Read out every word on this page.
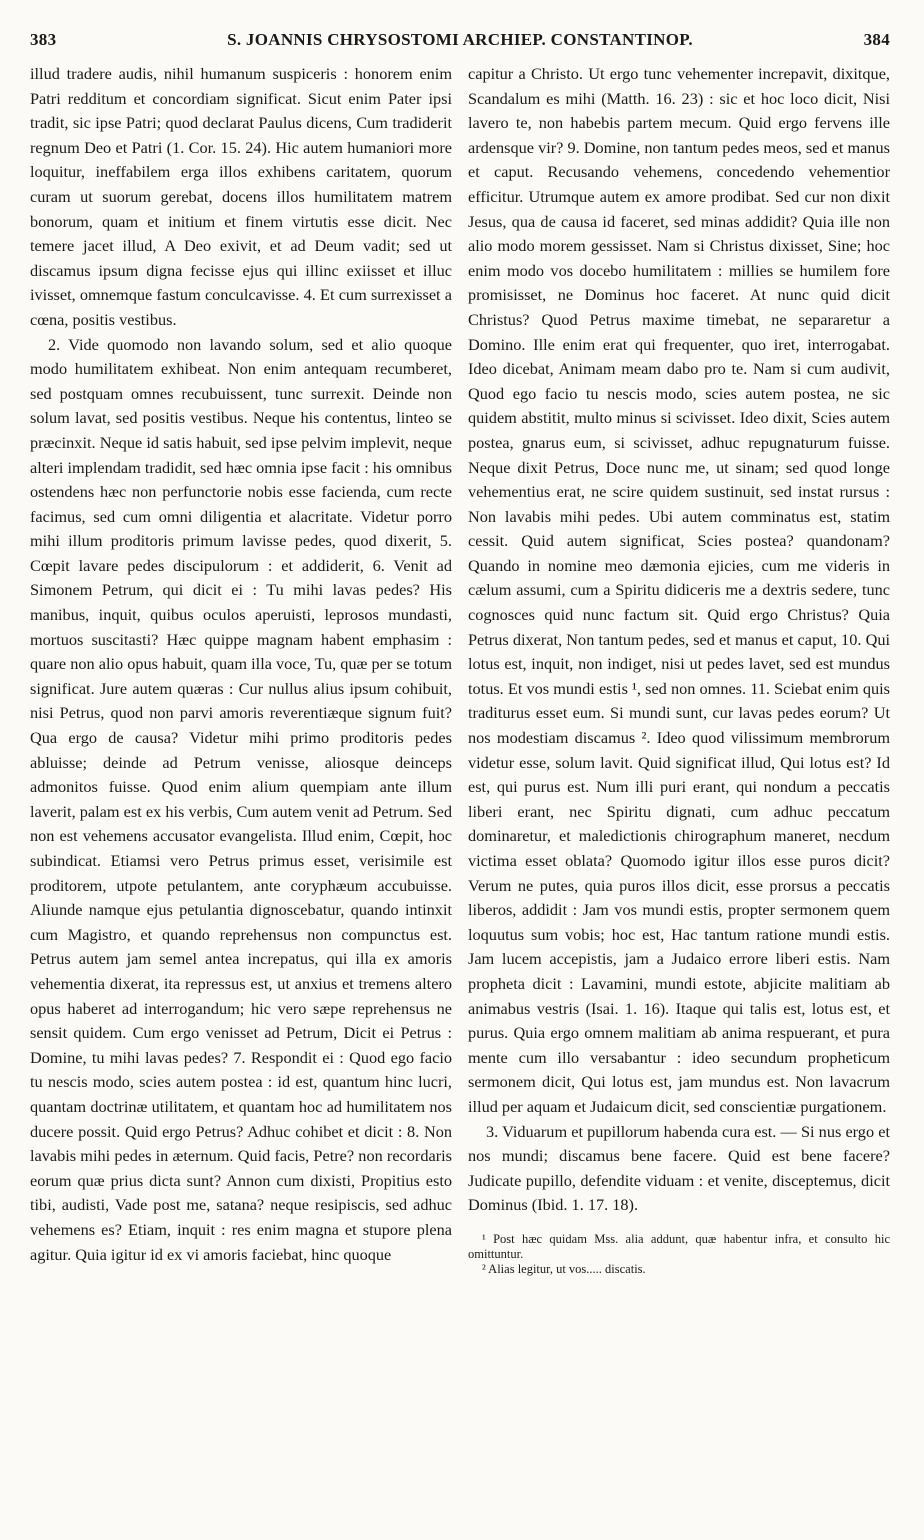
383	S. JOANNIS CHRYSOSTOMI ARCHIEP. CONSTANTINOP.	384

illud tradere audis, nihil humanum suspiceris : honorem enim Patri redditum et concordiam significat. Sicut enim Pater ipsi tradit, sic ipse Patri; quod declarat Paulus dicens, Cum tradiderit regnum Deo et Patri (1. Cor. 15. 24). Hic autem humaniori more loquitur, ineffabilem erga illos exhibens caritatem, quorum curam ut suorum gerebat, docens illos humilitatem matrem bonorum, quam et initium et finem virtutis esse dicit. Nec temere jacet illud, A Deo exivit, et ad Deum vadit; sed ut discamus ipsum digna fecisse ejus qui illinc exiisset et illuc ivisset, omnemque fastum conculcavisse. 4. Et cum surrexisset a cœna, positis vestibus.

2. Vide quomodo non lavando solum, sed et alio quoque modo humilitatem exhibeat. Non enim antequam recumberet, sed postquam omnes recubuissent, tunc surrexit. Deinde non solum lavat, sed positis vestibus. Neque his contentus, linteo se præcinxit. Neque id satis habuit, sed ipse pelvim implevit, neque alteri implendam tradidit, sed hæc omnia ipse facit : his omnibus ostendens hæc non perfunctorie nobis esse facienda, cum recte facimus, sed cum omni diligentia et alacritate. Videtur porro mihi illum proditoris primum lavisse pedes, quod dixerit, 5. Cœpit lavare pedes discipulorum : et addiderit, 6. Venit ad Simonem Petrum, qui dicit ei : Tu mihi lavas pedes? His manibus, inquit, quibus oculos aperuisti, leprosos mundasti, mortuos suscitasti? Hæc quippe magnam habent emphasim : quare non alio opus habuit, quam illa voce, Tu, quæ per se totum significat. Jure autem quæras : Cur nullus alius ipsum cohibuit, nisi Petrus, quod non parvi amoris reverentiæque signum fuit? Qua ergo de causa? Videtur mihi primo proditoris pedes abluisse; deinde ad Petrum venisse, aliosque deinceps admonitos fuisse. Quod enim alium quempiam ante illum laverit, palam est ex his verbis, Cum autem venit ad Petrum. Sed non est vehemens accusator evangelista. Illud enim, Cœpit, hoc subindicat. Etiamsi vero Petrus primus esset, verisimile est proditorem, utpote petulantem, ante coryphæum accubuisse. Aliunde namque ejus petulantia dignoscebatur, quando intinxit cum Magistro, et quando reprehensus non compunctus est. Petrus autem jam semel antea increpatus, qui illa ex amoris vehementia dixerat, ita repressus est, ut anxius et tremens altero opus haberet ad interrogandum; hic vero sæpe reprehensus ne sensit quidem. Cum ergo venisset ad Petrum, Dicit ei Petrus : Domine, tu mihi lavas pedes? 7. Respondit ei : Quod ego facio tu nescis modo, scies autem postea : id est, quantum hinc lucri, quantam doctrinæ utilitatem, et quantam hoc ad humilitatem nos ducere possit. Quid ergo Petrus? Adhuc cohibet et dicit : 8. Non lavabis mihi pedes in æternum. Quid facis, Petre? non recordaris eorum quæ prius dicta sunt? Annon cum dixisti, Propitius esto tibi, audisti, Vade post me, satana? neque resipiscis, sed adhuc vehemens es? Etiam, inquit : res enim magna et stupore plena agitur. Quia igitur id ex vi amoris faciebat, hinc quoque

capitur a Christo. Ut ergo tunc vehementer increpavit, dixitque, Scandalum es mihi (Matth. 16. 23) : sic et hoc loco dicit, Nisi lavero te, non habebis partem mecum. Quid ergo fervens ille ardensque vir? 9. Domine, non tantum pedes meos, sed et manus et caput. Recusando vehemens, concedendo vehementior efficitur. Utrumque autem ex amore prodibat. Sed cur non dixit Jesus, qua de causa id faceret, sed minas addidit? Quia ille non alio modo morem gessisset. Nam si Christus dixisset, Sine; hoc enim modo vos docebo humilitatem : millies se humilem fore promisisset, ne Dominus hoc faceret. At nunc quid dicit Christus? Quod Petrus maxime timebat, ne separaretur a Domino. Ille enim erat qui frequenter, quo iret, interrogabat. Ideo dicebat, Animam meam dabo pro te. Nam si cum audivit, Quod ego facio tu nescis modo, scies autem postea, ne sic quidem abstitit, multo minus si scivisset. Ideo dixit, Scies autem postea, gnarus eum, si scivisset, adhuc repugnaturum fuisse. Neque dixit Petrus, Doce nunc me, ut sinam; sed quod longe vehementius erat, ne scire quidem sustinuit, sed instat rursus : Non lavabis mihi pedes. Ubi autem comminatus est, statim cessit. Quid autem significat, Scies postea? quandonam? Quando in nomine meo dæmonia ejicies, cum me videris in cælum assumi, cum a Spiritu didiceris me a dextris sedere, tunc cognosces quid nunc factum sit. Quid ergo Christus? Quia Petrus dixerat, Non tantum pedes, sed et manus et caput, 10. Qui lotus est, inquit, non indiget, nisi ut pedes lavet, sed est mundus totus. Et vos mundi estis ¹, sed non omnes. 11. Sciebat enim quis traditurus esset eum. Si mundi sunt, cur lavas pedes eorum? Ut nos modestiam discamus ². Ideo quod vilissimum membrorum videtur esse, solum lavit. Quid significat illud, Qui lotus est? Id est, qui purus est. Num illi puri erant, qui nondum a peccatis liberi erant, nec Spiritu dignati, cum adhuc peccatum dominaretur, et maledictionis chirographum maneret, necdum victima esset oblata? Quomodo igitur illos esse puros dicit? Verum ne putes, quia puros illos dicit, esse prorsus a peccatis liberos, addidit : Jam vos mundi estis, propter sermonem quem loquutus sum vobis; hoc est, Hac tantum ratione mundi estis. Jam lucem accepistis, jam a Judaico errore liberi estis. Nam propheta dicit : Lavamini, mundi estote, abjicite malitiam ab animabus vestris (Isai. 1. 16). Itaque qui talis est, lotus est, et purus. Quia ergo omnem malitiam ab anima respuerant, et pura mente cum illo versabantur : ideo secundum propheticum sermonem dicit, Qui lotus est, jam mundus est. Non lavacrum illud per aquam et Judaicum dicit, sed conscientiæ purgationem.

3. Viduarum et pupillorum habenda cura est. — Si nus ergo et nos mundi; discamus bene facere. Quid est bene facere? Judicate pupillo, defendite viduam : et venite, disceptemus, dicit Dominus (Ibid. 1. 17. 18).

¹ Post hæc quidam Mss. alia addunt, quæ habentur infra, et consulto hic omittuntur.

² Alias legitur, ut vos..... discatis.
